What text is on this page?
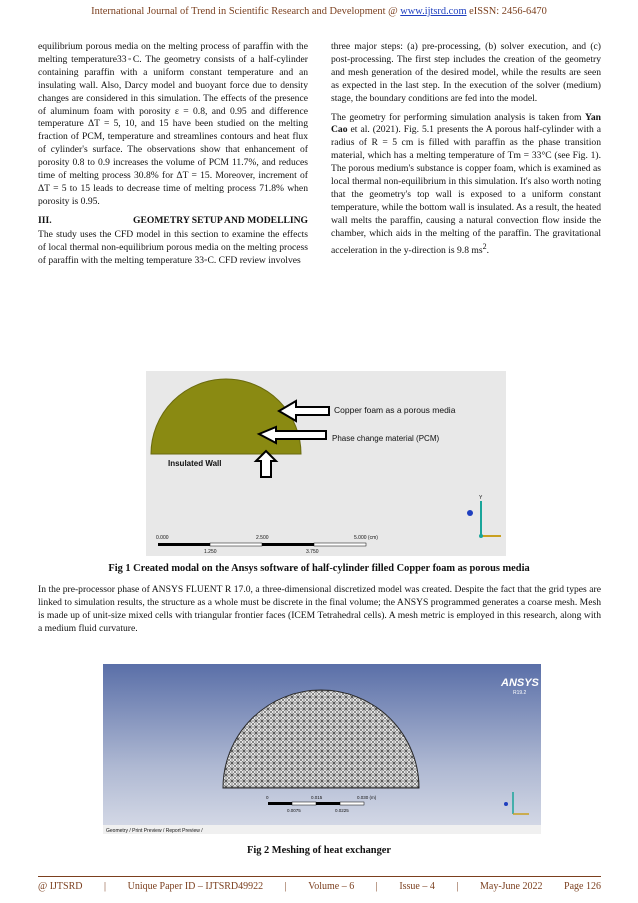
International Journal of Trend in Scientific Research and Development @ www.ijtsrd.com eISSN: 2456-6470

equilibrium porous media on the melting process of paraffin with the melting temperature33◦C. The geometry consists of a half-cylinder containing paraffin with a uniform constant temperature and an insulating wall. Also, Darcy model and buoyant force due to density changes are considered in this simulation. The effects of the presence of aluminum foam with porosity ε = 0.8, and 0.95 and difference temperature ΔT = 5, 10, and 15 have been studied on the melting fraction of PCM, temperature and streamlines contours and heat flux of cylinder's surface. The observations show that enhancement of porosity 0.8 to 0.9 increases the volume of PCM 11.7%, and reduces time of melting process 30.8% for ΔT = 15. Moreover, increment of ΔT = 5 to 15 leads to decrease time of melting process 71.8% when porosity is 0.95.

III.	GEOMETRY SETUP AND MODELLING

The study uses the CFD model in this section to examine the effects of local thermal non-equilibrium porous media on the melting process of paraffin with the melting temperature 33◦C. CFD review involves

three major steps: (a) pre-processing, (b) solver execution, and (c) post-processing. The first step includes the creation of the geometry and mesh generation of the desired model, while the results are seen as expected in the last step. In the execution of the solver (medium) stage, the boundary conditions are fed into the model.

The geometry for performing simulation analysis is taken from Yan Cao et al. (2021). Fig. 5.1 presents the A porous half-cylinder with a radius of R = 5 cm is filled with paraffin as the phase transition material, which has a melting temperature of Tm = 33°C (see Fig. 1). The porous medium's substance is copper foam, which is examined as local thermal non-equilibrium in this simulation. It's also worth noting that the geometry's top wall is exposed to a uniform constant temperature, while the bottom wall is insulated. As a result, the heated wall melts the paraffin, causing a natural convection flow inside the chamber, which aids in the melting of the paraffin. The gravitational acceleration in the y-direction is 9.8 $ms^2$.

Copper foam as a porous media
Phase change material (PCM)
Insulated Wall
0.000	2.500	5.000 (cm)
1.250	3.750
Y
Fig 1 Created modal on the Ansys software of half-cylinder filled Copper foam as porous media
In the pre-processor phase of ANSYS FLUENT R 17.0, a three-dimensional discretized model was created. Despite the fact that the grid types are linked to simulation results, the structure as a whole must be discrete in the final volume; the ANSYS programmed generates a coarse mesh. Mesh is made up of unit-size mixed cells with triangular frontier faces (ICEM Tetrahedral cells). A mesh metric is employed in this research, along with a medium fluid curvature.
ANSYS
R19.2
0	0.015	0.030 (m)
0.0075	0.0225
Geometry / Print Preview / Report Preview /
Fig 2 Meshing of heat exchanger
@ IJTSRD | Unique Paper ID – IJTSRD49922 | Volume – 6 | Issue – 4 | May-June 2022 Page 126
